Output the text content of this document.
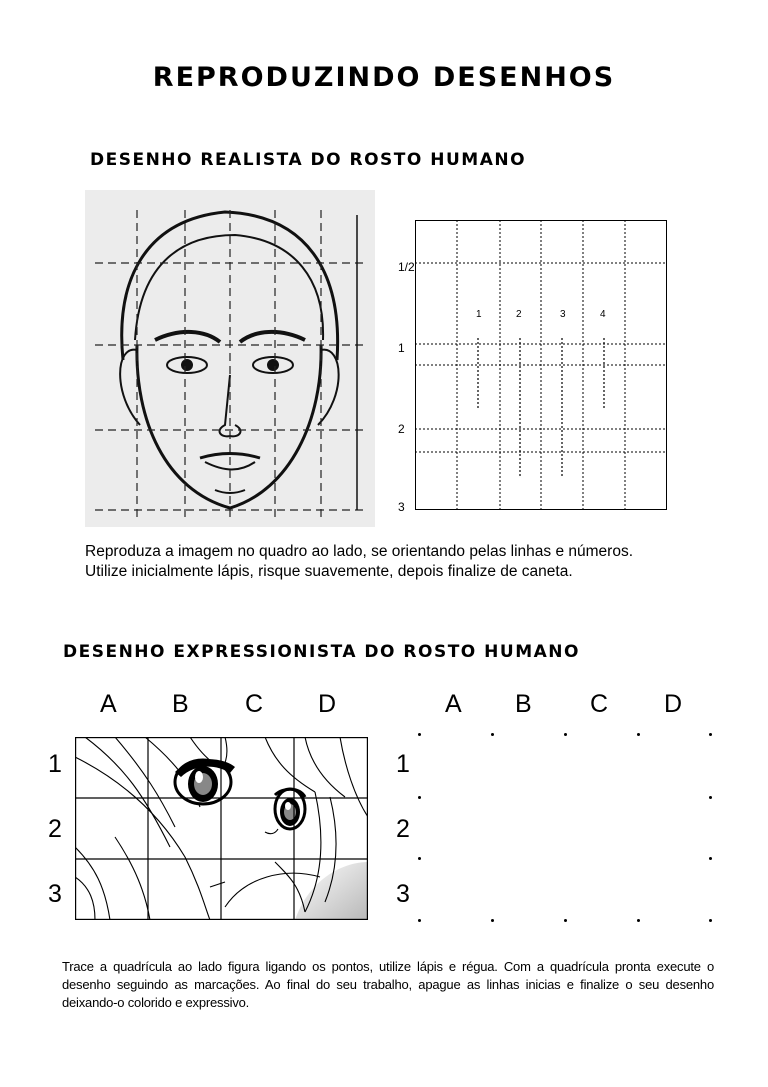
REPRODUZINDO DESENHOS
DESENHO REALISTA DO ROSTO HUMANO
1/2
1
2
3
1	2	3	4
Reproduza a imagem no quadro ao lado, se orientando pelas linhas e números.
Utilize inicialmente lápis, risque suavemente, depois finalize de caneta.
DESENHO EXPRESSIONISTA DO ROSTO HUMANO
A B C D
1
2
3
A B C D
1
2
3
Trace a quadrícula ao lado figura ligando os pontos, utilize lápis e régua. Com a quadrícula pronta execute o desenho seguindo as marcações. Ao final do seu trabalho, apague as linhas inicias e finalize o seu desenho deixando-o colorido e expressivo.
